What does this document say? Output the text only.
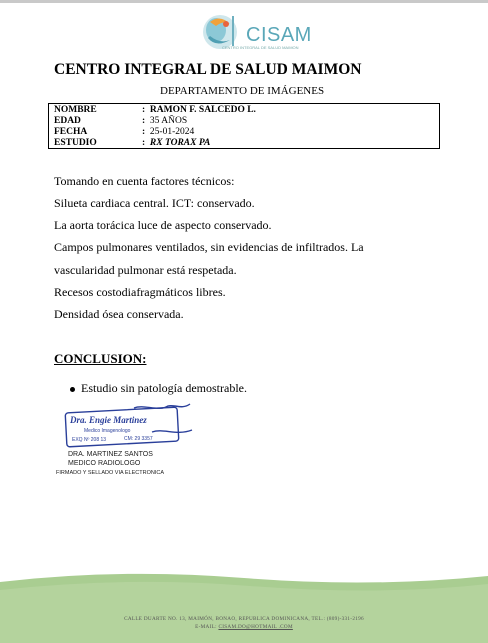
CISAM
CENTRO INTEGRAL DE SALUD MAIMON
CENTRO INTEGRAL DE SALUD MAIMON
DEPARTAMENTO DE IMÁGENES
NOMBRE	: RAMON F. SALCEDO L.
EDAD	: 35 AÑOS
FECHA	: 25-01-2024
ESTUDIO	: RX TORAX PA
Tomando en cuenta factores técnicos:
Silueta cardiaca central. ICT: conservado.
La aorta torácica luce de aspecto conservado.
Campos pulmonares ventilados, sin evidencias de infiltrados. La
vascularidad pulmonar está respetada.
Recesos costodiafragmáticos libres.
Densidad ósea conservada.
CONCLUSION:
Estudio sin patología demostrable.
Dra. Engie Martinez
Medico Imagenologo
EXQ Nº 208 13	CM: 29 3357
DRA. MARTINEZ SANTOS
MEDICO RADIOLOGO
FIRMADO Y SELLADO VIA ELECTRONICA
CALLE DUARTE NO. 13, MAIMÓN, BONAO, REPUBLICA DOMINICANA, TEL.: (809)-331-2196
E-MAIL: CISAM.DO@HOTMAIL .COM
